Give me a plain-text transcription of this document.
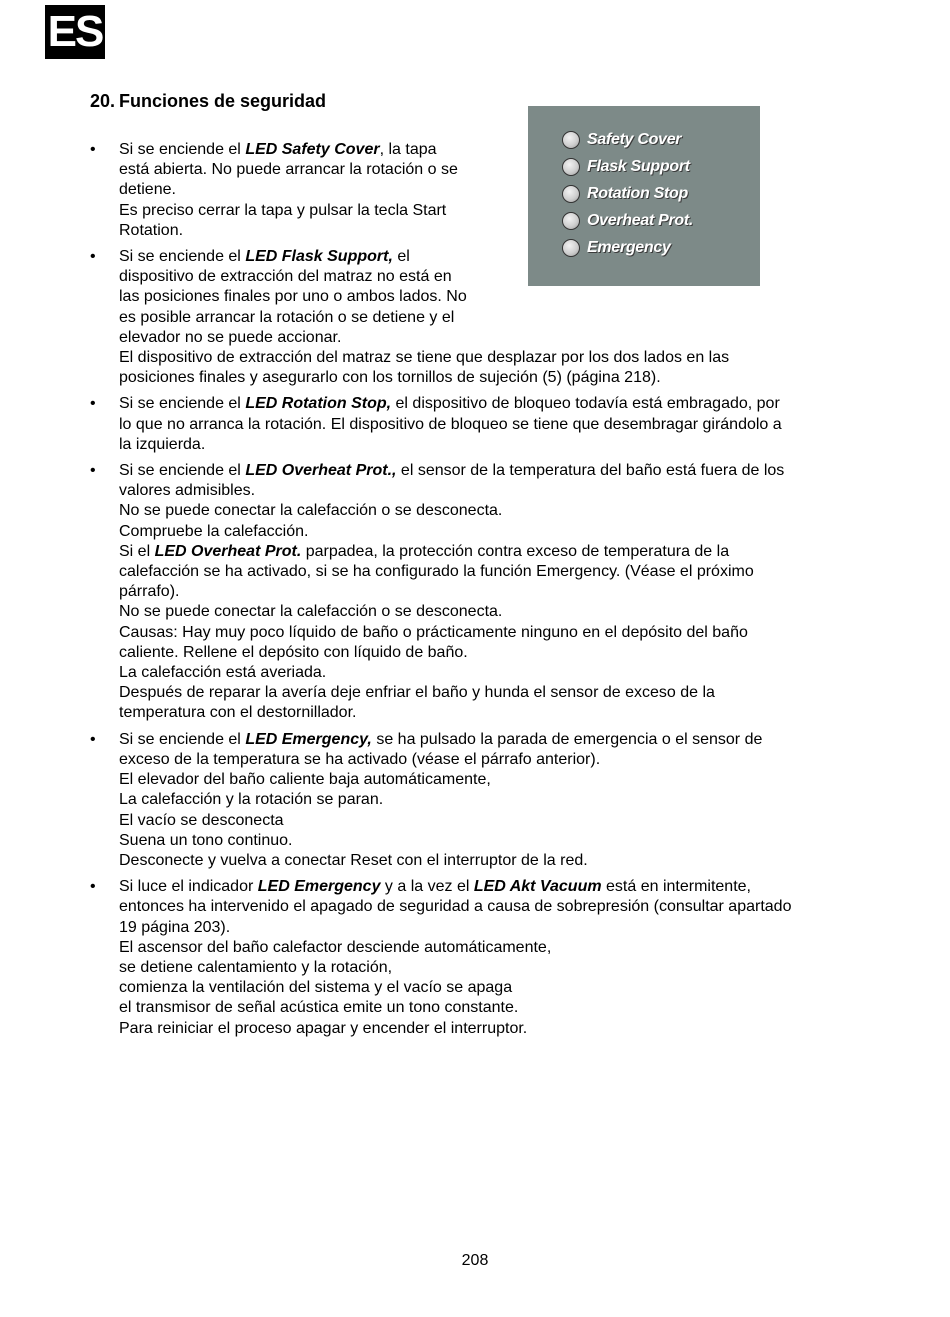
ES
20. Funciones de seguridad
Safety Cover
Flask Support
Rotation Stop
Overheat Prot.
Emergency
• Si se enciende el LED Safety Cover, la tapa
está abierta. No puede arrancar la rotación o se
detiene.
Es preciso cerrar la tapa y pulsar la tecla Start
Rotation.
• Si se enciende el LED Flask Support, el
dispositivo de extracción del matraz no está en
las posiciones finales por uno o ambos lados. No
es posible arrancar la rotación o se detiene y el
elevador no se puede accionar.
El dispositivo de extracción del matraz se tiene que desplazar por los dos lados en las
posiciones finales y asegurarlo con los tornillos de sujeción (5) (página 218).
• Si se enciende el LED Rotation Stop, el dispositivo de bloqueo todavía está embragado, por
lo que no arranca la rotación. El dispositivo de bloqueo se tiene que desembragar girándolo a
la izquierda.
• Si se enciende el LED Overheat Prot., el sensor de la temperatura del baño está fuera de los
valores admisibles.
No se puede conectar la calefacción o se desconecta.
Compruebe la calefacción.
Si el LED Overheat Prot. parpadea, la protección contra exceso de temperatura de la
calefacción se ha activado, si se ha configurado la función Emergency. (Véase el próximo
párrafo).
No se puede conectar la calefacción o se desconecta.
Causas: Hay muy poco líquido de baño o prácticamente ninguno en el depósito del baño
caliente. Rellene el depósito con líquido de baño.
La calefacción está averiada.
Después de reparar la avería deje enfriar el baño y hunda el sensor de exceso de la
temperatura con el destornillador.
• Si se enciende el LED Emergency, se ha pulsado la parada de emergencia o el sensor de
exceso de la temperatura se ha activado (véase el párrafo anterior).
El elevador del baño caliente baja automáticamente,
La calefacción y la rotación se paran.
El vacío se desconecta
Suena un tono continuo.
Desconecte y vuelva a conectar Reset con el interruptor de la red.
• Si luce el indicador LED Emergency y a la vez el LED Akt Vacuum está en intermitente,
entonces ha intervenido el apagado de seguridad a causa de sobrepresión (consultar apartado
19 página 203).
El ascensor del baño calefactor desciende automáticamente,
se detiene calentamiento y la rotación,
comienza la ventilación del sistema y el vacío se apaga
el transmisor de señal acústica emite un tono constante.
Para reiniciar el proceso apagar y encender el interruptor.
208
